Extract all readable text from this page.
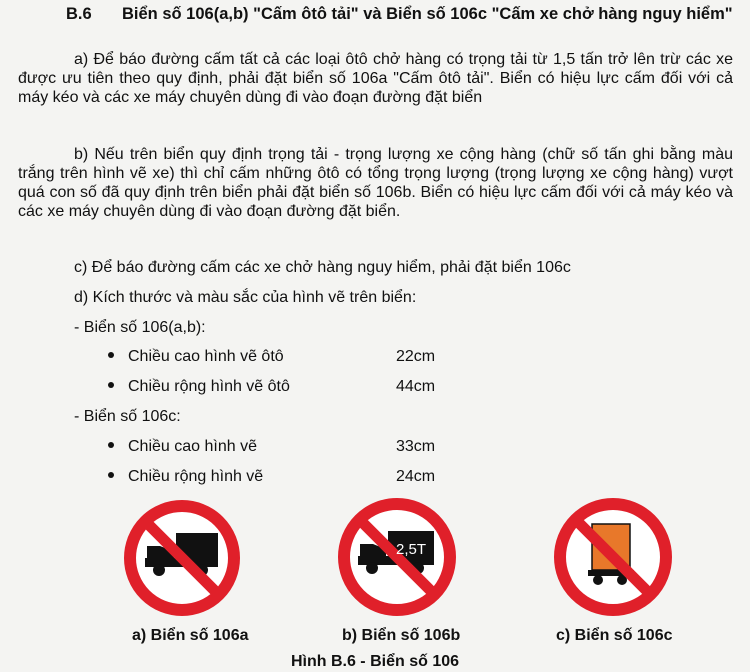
B.6 Biển số 106(a,b) "Cấm ôtô tải" và Biển số 106c "Cấm xe chở hàng nguy hiểm"
a) Để báo đường cấm tất cả các loại ôtô chở hàng có trọng tải từ 1,5 tấn trở lên trừ các xe được ưu tiên theo quy định, phải đặt biển số 106a "Cấm ôtô tải". Biển có hiệu lực cấm đối với cả máy kéo và các xe máy chuyên dùng đi vào đoạn đường đặt biển
b) Nếu trên biển quy định trọng tải - trọng lượng xe cộng hàng (chữ số tấn ghi bằng màu trắng trên hình vẽ xe) thì chỉ cấm những ôtô có tổng trọng lượng (trọng lượng xe cộng hàng) vượt quá con số đã quy định trên biển phải đặt biển số 106b. Biển có hiệu lực cấm đối với cả máy kéo và các xe máy chuyên dùng đi vào đoạn đường đặt biển.
c) Để báo đường cấm các xe chở hàng nguy hiểm, phải đặt biển 106c
d) Kích thước và màu sắc của hình vẽ trên biển:
- Biển số 106(a,b):
Chiều cao hình vẽ ôtô	22cm
Chiều rộng hình vẽ ôtô	44cm
- Biển số 106c:
Chiều cao hình vẽ	33cm
Chiều rộng hình vẽ	24cm
2,5T
a) Biển số 106a	b) Biển số 106b	c) Biển số 106c
Hình B.6 - Biển số 106
